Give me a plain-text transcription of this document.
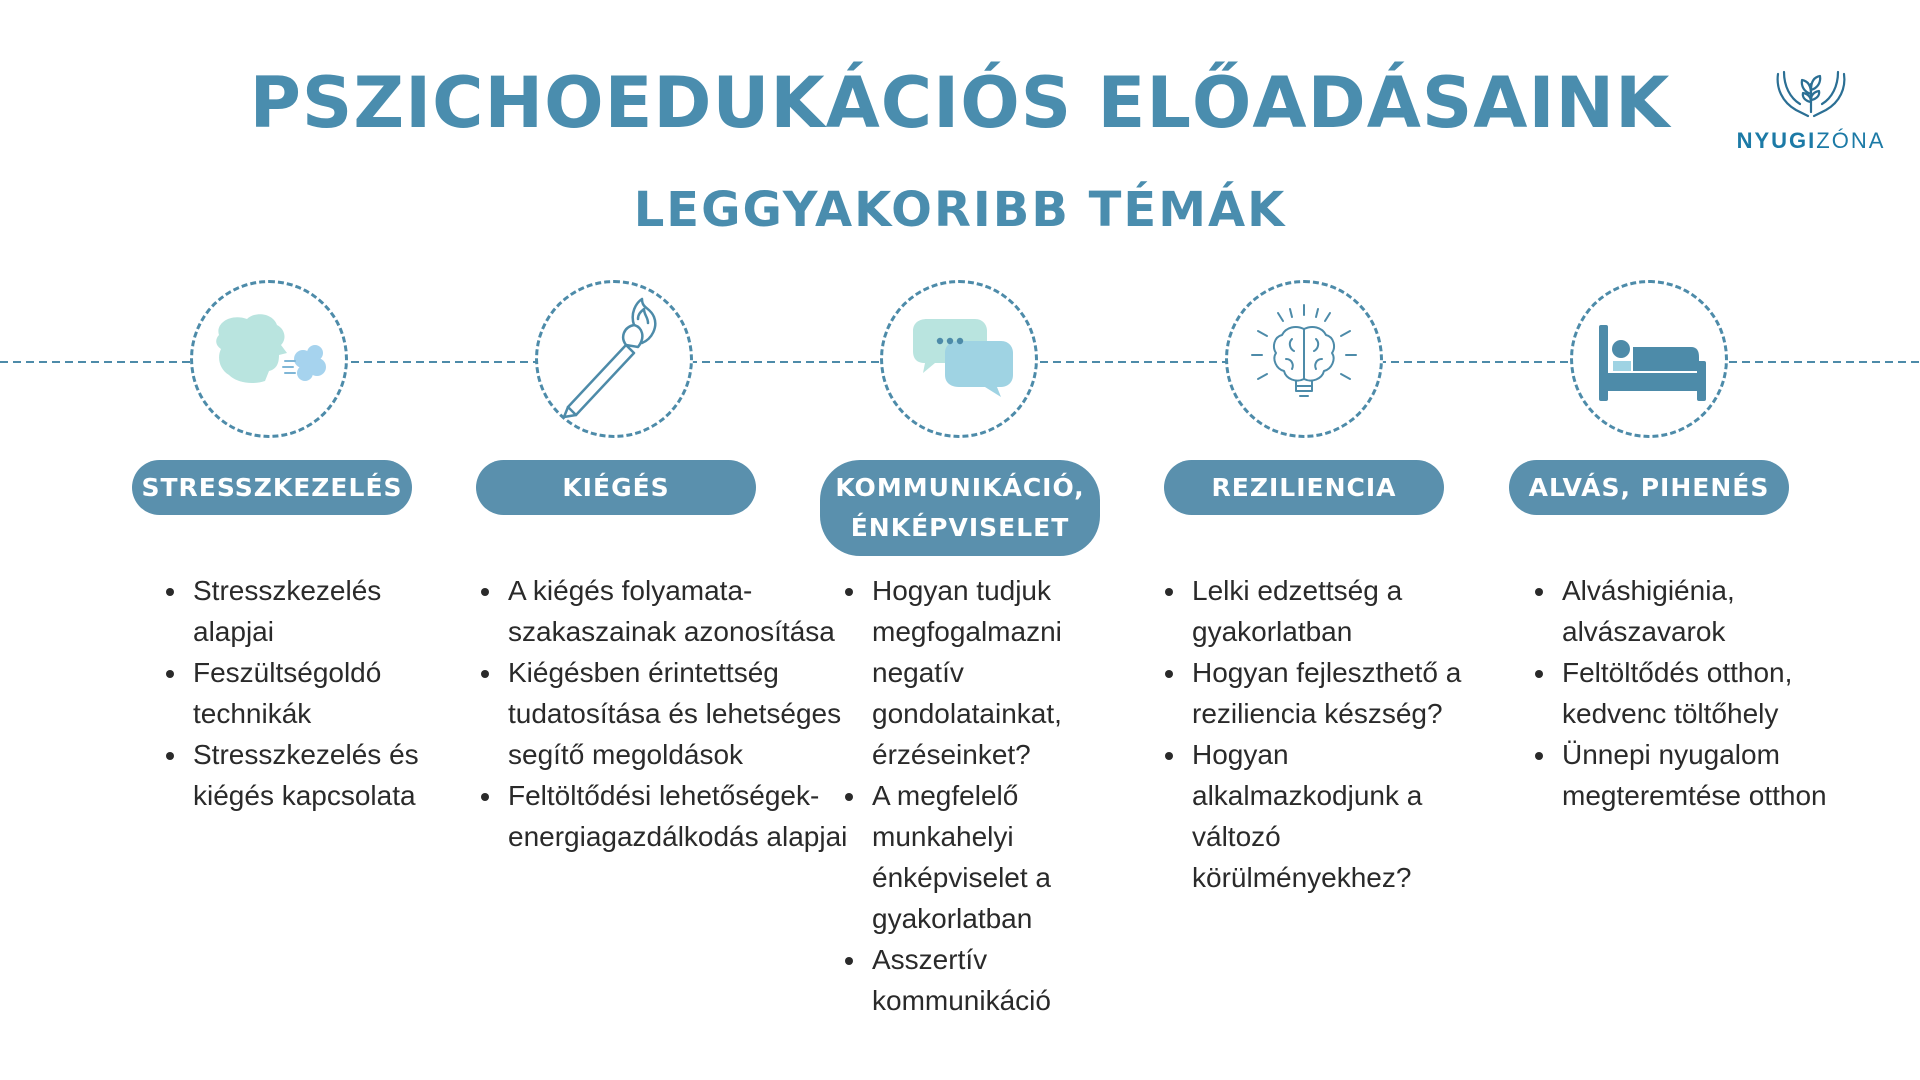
PSZICHOEDUKÁCIÓS ELŐADÁSAINK
LEGGYAKORIBB TÉMÁK
NYUGIZÓNA
STRESSZKEZELÉS
• Stresszkezelés alapjai
• Feszültségoldó technikák
• Stresszkezelés és kiégés kapcsolata
KIÉGÉS
• A kiégés folyamata- szakaszainak azonosítása
• Kiégésben érintettség tudatosítása és lehetséges segítő megoldások
• Feltöltődési lehetőségek- energiagazdálkodás alapjai
KOMMUNIKÁCIÓ, ÉNKÉPVISELET
• Hogyan tudjuk megfogalmazni negatív gondolatainkat, érzéseinket?
• A megfelelő munkahelyi énképviselet a gyakorlatban
• Asszertív kommunikáció
REZILIENCIA
• Lelki edzettség a gyakorlatban
• Hogyan fejleszthető a reziliencia készség?
• Hogyan alkalmazkodjunk a változó körülményekhez?
ALVÁS, PIHENÉS
• Alváshigiénia, alvászavarok
• Feltöltődés otthon, kedvenc töltőhely
• Ünnepi nyugalom megteremtése otthon
